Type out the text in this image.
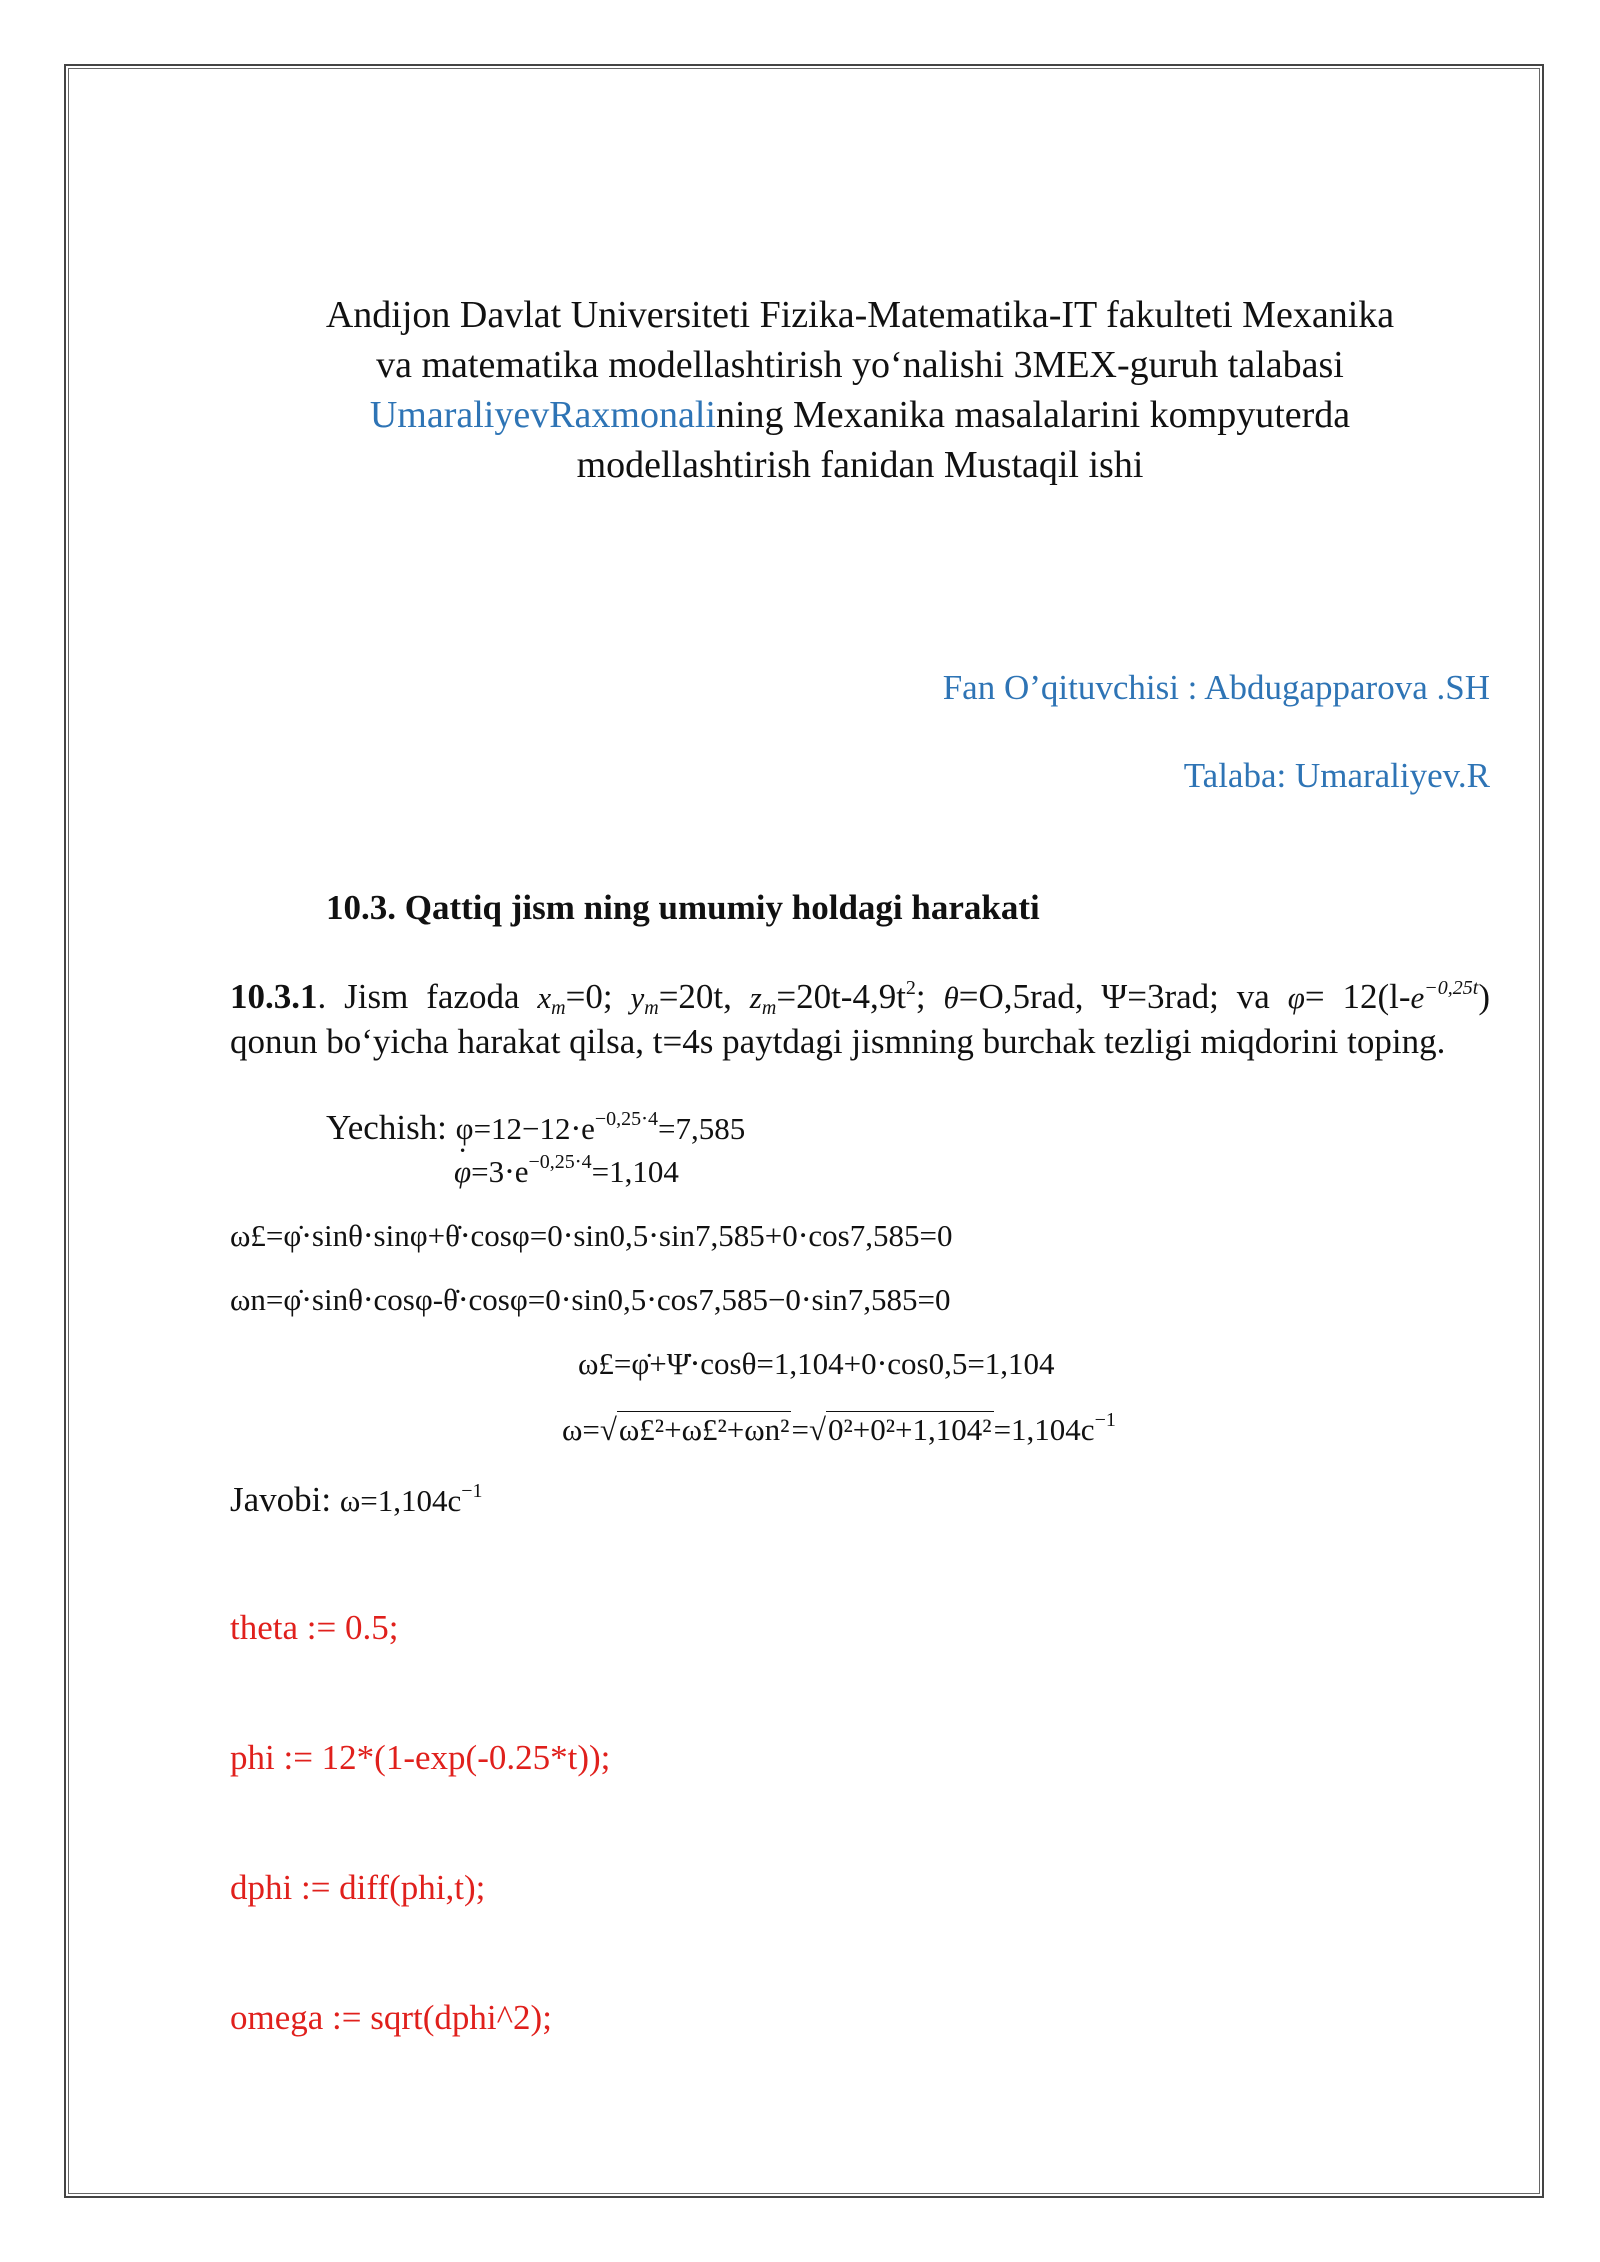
Andijon Davlat Universiteti Fizika-Matematika-IT fakulteti Mexanika
va matematika modellashtirish yo‘nalishi 3MEX-guruh talabasi
UmaraliyevRaxmonalining Mexanika masalalarini kompyuterda
modellashtirish fanidan Mustaqil ishi
Fan O’qituvchisi : Abdugapparova .SH
Talaba: Umaraliyev.R
10.3. Qattiq jism ning umumiy holdagi harakati
10.3.1. Jism fazoda $x_m=0$; $y_m=20t$, $z_m=20t-4,9t^2$; θ=O,5rad, Ψ=3rad; va $\varphi= 12(l-e^{-0,25t})$ qonun bo‘yicha harakat qilsa, t=4s paytdagi jismning burchak tezligi miqdorini toping.
Yechish: $\varphi=12-12\cdot e^{-0,25\cdot 4}=7,585$
· $\varphi=3\cdot e^{-0,25\cdot 4}=1,104$
ω£=φ̇⋅sinθ⋅sinφ+θ̇⋅cosφ=0⋅sin0,5⋅sin7,585+0⋅cos7,585=0
ωn=φ̇⋅sinθ⋅cosφ-θ̇⋅cosφ=0⋅sin0,5⋅cos7,585−0⋅sin7,585=0
ω£=φ̇+Ψ̇⋅cosθ=1,104+0⋅cos0,5=1,104
$\omega=√\omega£^2+\omega£^2+\omega n^2=√0^2+0^2+1,104^2=1,104c^{-1}$
Javobi: $\omega=1,104c^{-1}$
theta := 0.5;
phi := 12*(1-exp(-0.25*t));
dphi := diff(phi,t);
omega := sqrt(dphi^2);
